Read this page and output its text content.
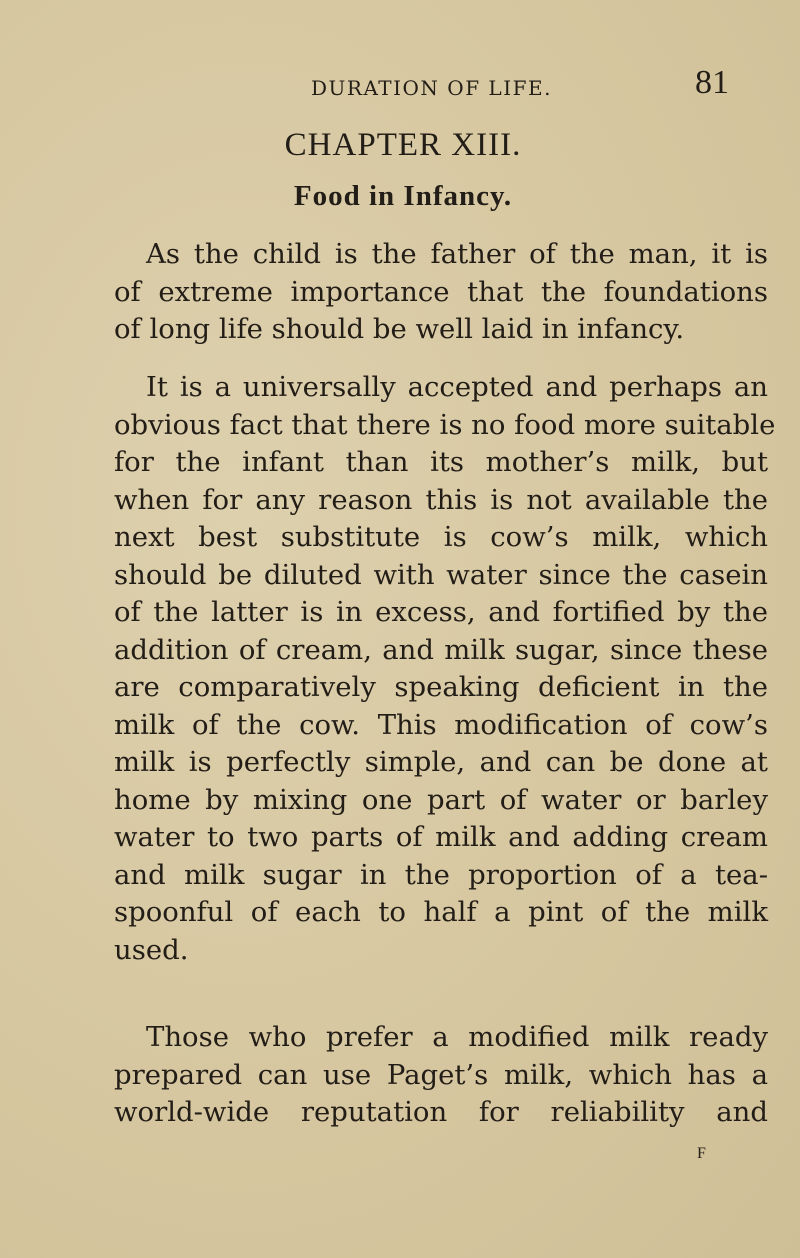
DURATION OF LIFE.	81
CHAPTER XIII.
Food in Infancy.

As the child is the father of the man, it is
of extreme importance that the foundations
of long life should be well laid in infancy.

It is a universally accepted and perhaps an
obvious fact that there is no food more suitable
for the infant than its mother’s milk, but
when for any reason this is not available the
next best substitute is cow’s milk, which
should be diluted with water since the casein
of the latter is in excess, and fortified by the
addition of cream, and milk sugar, since these
are comparatively speaking deficient in the
milk of the cow. This modification of cow’s
milk is perfectly simple, and can be done at
home by mixing one part of water or barley
water to two parts of milk and adding cream
and milk sugar in the proportion of a tea-
spoonful of each to half a pint of the milk
used.

Those who prefer a modified milk ready
prepared can use Paget’s milk, which has a
world-wide reputation for reliability and

F
